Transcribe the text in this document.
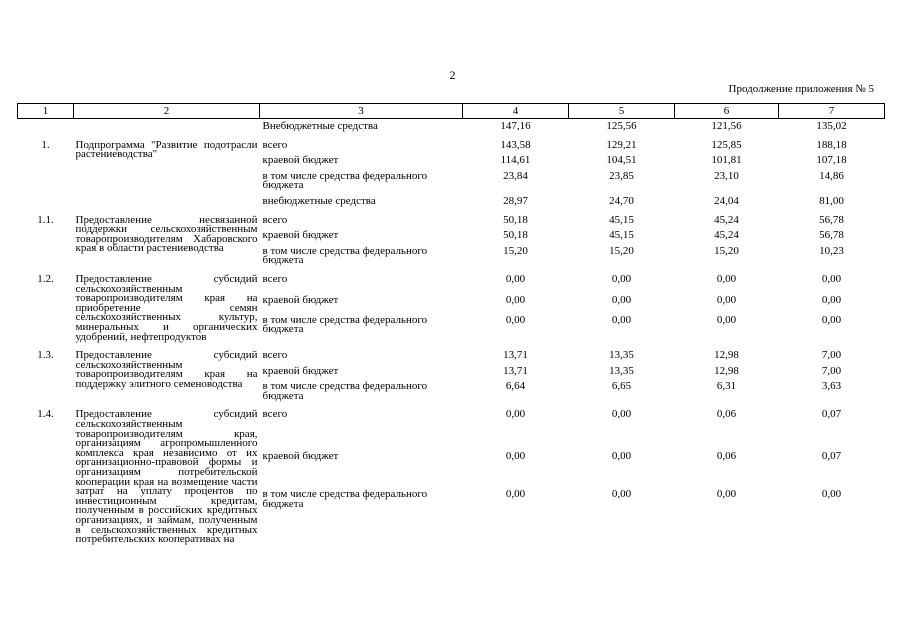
2
Продолжение приложения № 5
1	2	3	4	5	6	7
		Внебюджетные средства	147,16	125,56	121,56	135,02
1.	Подпрограмма "Развитие подотрасли растениеводства"	всего	143,58	129,21	125,85	188,18
		краевой бюджет	114,61	104,51	101,81	107,18
		в том числе средства федерального бюджета	23,84	23,85	23,10	14,86
		внебюджетные средства	28,97	24,70	24,04	81,00
1.1.	Предоставление несвязанной поддержки сельскохозяйственным товаропроизводителям Хабаровского края в области растениеводства	всего	50,18	45,15	45,24	56,78
		краевой бюджет	50,18	45,15	45,24	56,78
		в том числе средства федерального бюджета	15,20	15,20	15,20	10,23
1.2.	Предоставление субсидий сельскохозяйственным товаропроизводителям края на приобретение семян сельскохозяйственных культур, минеральных и органических удобрений, нефтепродуктов	всего	0,00	0,00	0,00	0,00
		краевой бюджет	0,00	0,00	0,00	0,00
		в том числе средства федерального бюджета	0,00	0,00	0,00	0,00
1.3.	Предоставление субсидий сельскохозяйственным товаропроизводителям края на поддержку элитного семеноводства	всего	13,71	13,35	12,98	7,00
		краевой бюджет	13,71	13,35	12,98	7,00
		в том числе средства федерального бюджета	6,64	6,65	6,31	3,63
1.4.	Предоставление субсидий сельскохозяйственным товаропроизводителям края, организациям агропромышленного комплекса края независимо от их организационно-правовой формы и организациям потребительской кооперации края на возмещение части затрат на уплату процентов по инвестиционным кредитам, полученным в российских кредитных организациях, и займам, полученным в сельскохозяйственных кредитных потребительских кооперативах на	всего	0,00	0,00	0,06	0,07
		краевой бюджет	0,00	0,00	0,06	0,07
		в том числе средства федерального бюджета	0,00	0,00	0,00	0,00
